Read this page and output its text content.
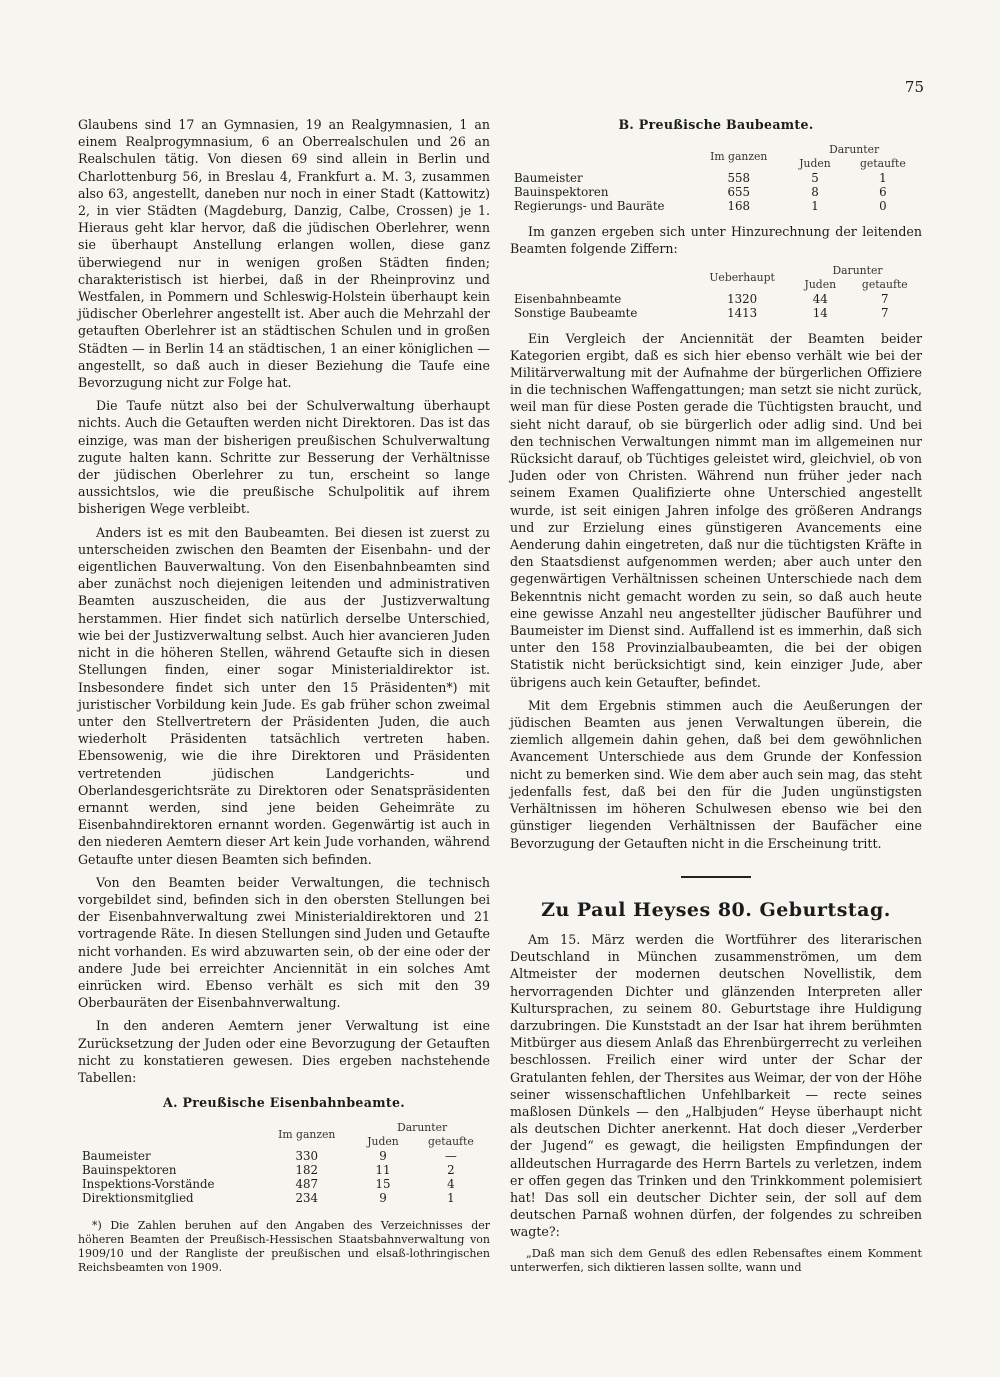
75

Glaubens sind 17 an Gymnasien, 19 an Realgymnasien, 1 an einem Realprogymnasium, 6 an Oberrealschulen und 26 an Realschulen tätig. Von diesen 69 sind allein in Berlin und Charlottenburg 56, in Breslau 4, Frankfurt a. M. 3, zusammen also 63, angestellt, daneben nur noch in einer Stadt (Kattowitz) 2, in vier Städten (Magdeburg, Danzig, Calbe, Crossen) je 1. Hieraus geht klar hervor, daß die jüdischen Oberlehrer, wenn sie überhaupt Anstellung erlangen wollen, diese ganz überwiegend nur in wenigen großen Städten finden; charakteristisch ist hierbei, daß in der Rheinprovinz und Westfalen, in Pommern und Schleswig-Holstein überhaupt kein jüdischer Oberlehrer angestellt ist. Aber auch die Mehrzahl der getauften Oberlehrer ist an städtischen Schulen und in großen Städten — in Berlin 14 an städtischen, 1 an einer königlichen — angestellt, so daß auch in dieser Beziehung die Taufe eine Bevorzugung nicht zur Folge hat.

Die Taufe nützt also bei der Schulverwaltung überhaupt nichts. Auch die Getauften werden nicht Direktoren. Das ist das einzige, was man der bisherigen preußischen Schulverwaltung zugute halten kann. Schritte zur Besserung der Verhältnisse der jüdischen Oberlehrer zu tun, erscheint so lange aussichtslos, wie die preußische Schulpolitik auf ihrem bisherigen Wege verbleibt.

Anders ist es mit den Baubeamten. Bei diesen ist zuerst zu unterscheiden zwischen den Beamten der Eisenbahn- und der eigentlichen Bauverwaltung. Von den Eisenbahnbeamten sind aber zunächst noch diejenigen leitenden und administrativen Beamten auszuscheiden, die aus der Justizverwaltung herstammen. Hier findet sich natürlich derselbe Unterschied, wie bei der Justizverwaltung selbst. Auch hier avancieren Juden nicht in die höheren Stellen, während Getaufte sich in diesen Stellungen finden, einer sogar Ministerialdirektor ist. Insbesondere findet sich unter den 15 Präsidenten*) mit juristischer Vorbildung kein Jude. Es gab früher schon zweimal unter den Stellvertretern der Präsidenten Juden, die auch wiederholt Präsidenten tatsächlich vertreten haben. Ebensowenig, wie die ihre Direktoren und Präsidenten vertretenden jüdischen Landgerichts- und Oberlandesgerichtsräte zu Direktoren oder Senatspräsidenten ernannt werden, sind jene beiden Geheimräte zu Eisenbahndirektoren ernannt worden. Gegenwärtig ist auch in den niederen Aemtern dieser Art kein Jude vorhanden, während Getaufte unter diesen Beamten sich befinden.

Von den Beamten beider Verwaltungen, die technisch vorgebildet sind, befinden sich in den obersten Stellungen bei der Eisenbahnverwaltung zwei Ministerialdirektoren und 21 vortragende Räte. In diesen Stellungen sind Juden und Getaufte nicht vorhanden. Es wird abzuwarten sein, ob der eine oder der andere Jude bei erreichter Anciennität in ein solches Amt einrücken wird. Ebenso verhält es sich mit den 39 Oberbauräten der Eisenbahnverwaltung.

In den anderen Aemtern jener Verwaltung ist eine Zurücksetzung der Juden oder eine Bevorzugung der Getauften nicht zu konstatieren gewesen. Dies ergeben nachstehende Tabellen:

A. Preußische Eisenbahnbeamte.
	Im ganzen	Darunter	
		Juden	getaufte
Baumeister	330	9	—
Bauinspektoren	182	11	2
Inspektions-Vorstände	487	15	4
Direktionsmitglied	234	9	1

*) Die Zahlen beruhen auf den Angaben des Verzeichnisses der höheren Beamten der Preußisch-Hessischen Staatsbahnverwaltung von 1909/10 und der Rangliste der preußischen und elsaß-lothringischen Reichsbeamten von 1909.

B. Preußische Baubeamte.
	Im ganzen	Darunter	
		Juden	getaufte
Baumeister	558	5	1
Bauinspektoren	655	8	6
Regierungs- und Bauräte	168	1	0

Im ganzen ergeben sich unter Hinzurechnung der leitenden Beamten folgende Ziffern:

	Ueberhaupt	Darunter	
		Juden	getaufte
Eisenbahnbeamte	1320	44	7
Sonstige Baubeamte	1413	14	7

Ein Vergleich der Anciennität der Beamten beider Kategorien ergibt, daß es sich hier ebenso verhält wie bei der Militärverwaltung mit der Aufnahme der bürgerlichen Offiziere in die technischen Waffengattungen; man setzt sie nicht zurück, weil man für diese Posten gerade die Tüchtigsten braucht, und sieht nicht darauf, ob sie bürgerlich oder adlig sind. Und bei den technischen Verwaltungen nimmt man im allgemeinen nur Rücksicht darauf, ob Tüchtiges geleistet wird, gleichviel, ob von Juden oder von Christen. Während nun früher jeder nach seinem Examen Qualifizierte ohne Unterschied angestellt wurde, ist seit einigen Jahren infolge des größeren Andrangs und zur Erzielung eines günstigeren Avancements eine Aenderung dahin eingetreten, daß nur die tüchtigsten Kräfte in den Staatsdienst aufgenommen werden; aber auch unter den gegenwärtigen Verhältnissen scheinen Unterschiede nach dem Bekenntnis nicht gemacht worden zu sein, so daß auch heute eine gewisse Anzahl neu angestellter jüdischer Bauführer und Baumeister im Dienst sind. Auffallend ist es immerhin, daß sich unter den 158 Provinzialbaubeamten, die bei der obigen Statistik nicht berücksichtigt sind, kein einziger Jude, aber übrigens auch kein Getaufter, befindet.

Mit dem Ergebnis stimmen auch die Aeußerungen der jüdischen Beamten aus jenen Verwaltungen überein, die ziemlich allgemein dahin gehen, daß bei dem gewöhnlichen Avancement Unterschiede aus dem Grunde der Konfession nicht zu bemerken sind. Wie dem aber auch sein mag, das steht jedenfalls fest, daß bei den für die Juden ungünstigsten Verhältnissen im höheren Schulwesen ebenso wie bei den günstiger liegenden Verhältnissen der Baufächer eine Bevorzugung der Getauften nicht in die Erscheinung tritt.

Zu Paul Heyses 80. Geburtstag.

Am 15. März werden die Wortführer des literarischen Deutschland in München zusammenströmen, um dem Altmeister der modernen deutschen Novellistik, dem hervorragenden Dichter und glänzenden Interpreten aller Kultursprachen, zu seinem 80. Geburtstage ihre Huldigung darzubringen. Die Kunststadt an der Isar hat ihrem berühmten Mitbürger aus diesem Anlaß das Ehrenbürgerrecht zu verleihen beschlossen. Freilich einer wird unter der Schar der Gratulanten fehlen, der Thersites aus Weimar, der von der Höhe seiner wissenschaftlichen Unfehlbarkeit — recte seines maßlosen Dünkels — den „Halbjuden“ Heyse überhaupt nicht als deutschen Dichter anerkennt. Hat doch dieser „Verderber der Jugend“ es gewagt, die heiligsten Empfindungen der alldeutschen Hurragarde des Herrn Bartels zu verletzen, indem er offen gegen das Trinken und den Trinkkomment polemisiert hat! Das soll ein deutscher Dichter sein, der soll auf dem deutschen Parnaß wohnen dürfen, der folgendes zu schreiben wagte?:

„Daß man sich dem Genuß des edlen Rebensaftes einem Komment unterwerfen, sich diktieren lassen sollte, wann und
